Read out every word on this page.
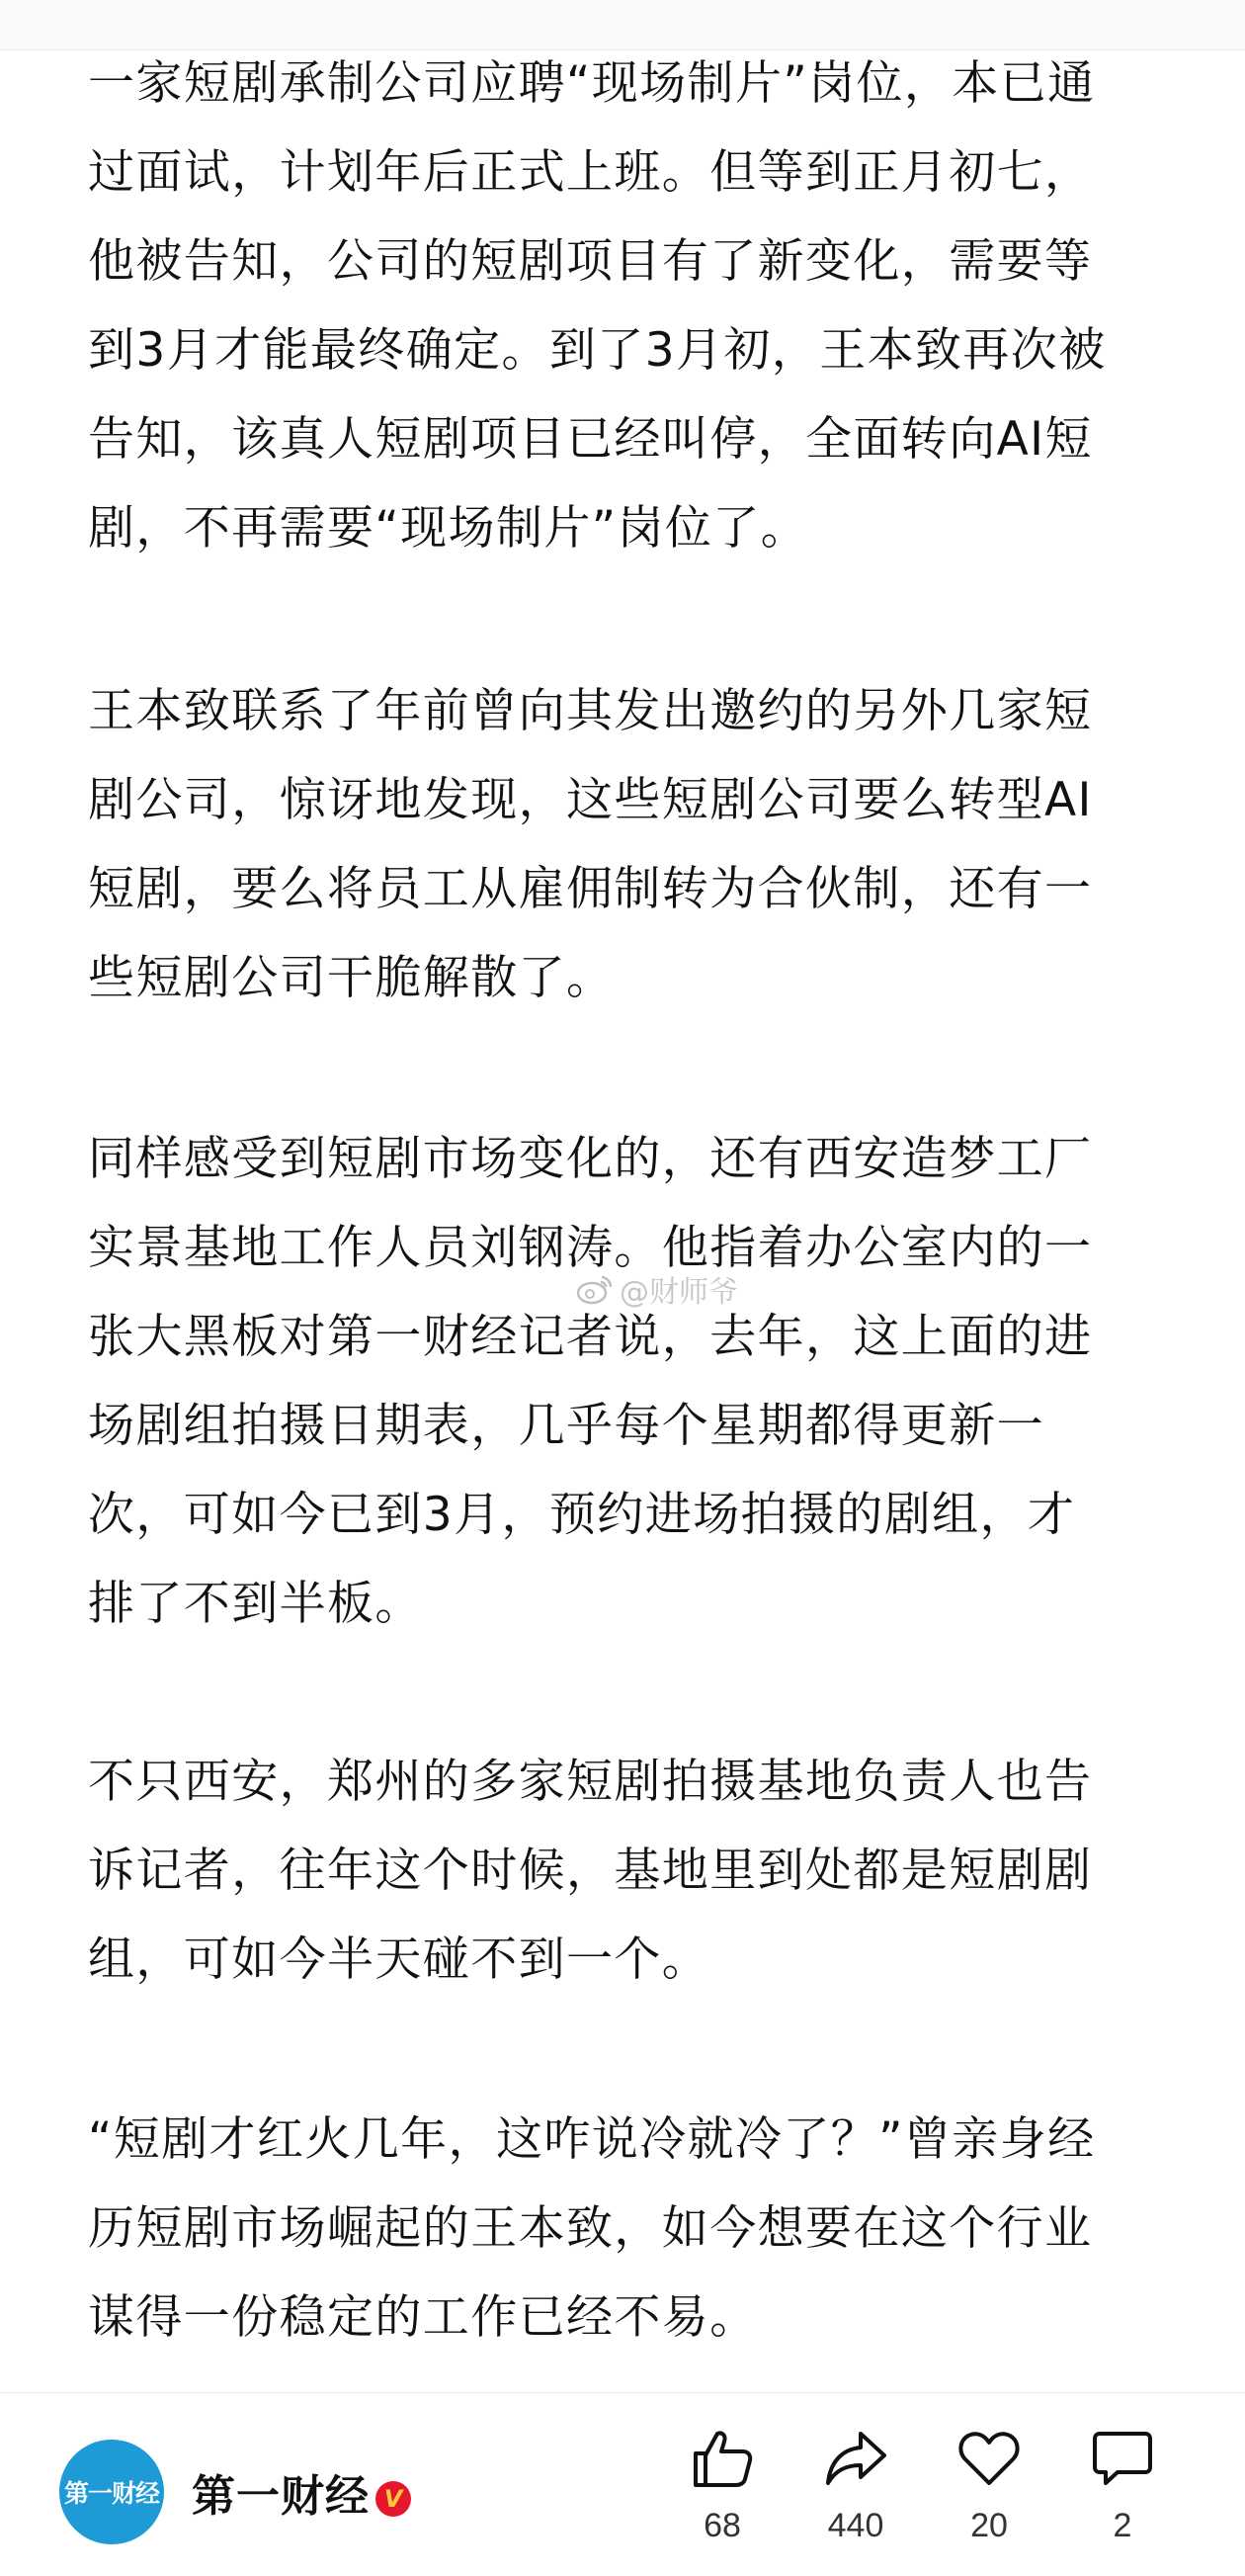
一家短剧承制公司应聘“现场制片”岗位，本已通
过面试，计划年后正式上班。但等到正月初七，
他被告知，公司的短剧项目有了新变化，需要等
到3月才能最终确定。到了3月初，王本致再次被
告知，该真人短剧项目已经叫停，全面转向AI短
剧，不再需要“现场制片”岗位了。

王本致联系了年前曾向其发出邀约的另外几家短
剧公司，惊讶地发现，这些短剧公司要么转型AI
短剧，要么将员工从雇佣制转为合伙制，还有一
些短剧公司干脆解散了。

同样感受到短剧市场变化的，还有西安造梦工厂
实景基地工作人员刘钢涛。他指着办公室内的一
张大黑板对第一财经记者说，去年，这上面的进
场剧组拍摄日期表，几乎每个星期都得更新一
次，可如今已到3月，预约进场拍摄的剧组，才
排了不到半板。

不只西安，郑州的多家短剧拍摄基地负责人也告
诉记者，往年这个时候，基地里到处都是短剧剧
组，可如今半天碰不到一个。

“短剧才红火几年，这咋说冷就冷了？”曾亲身经
历短剧市场崛起的王本致，如今想要在这个行业
谋得一份稳定的工作已经不易。

@财师爷
第一财经 第一财经 V
68	440	20	2
